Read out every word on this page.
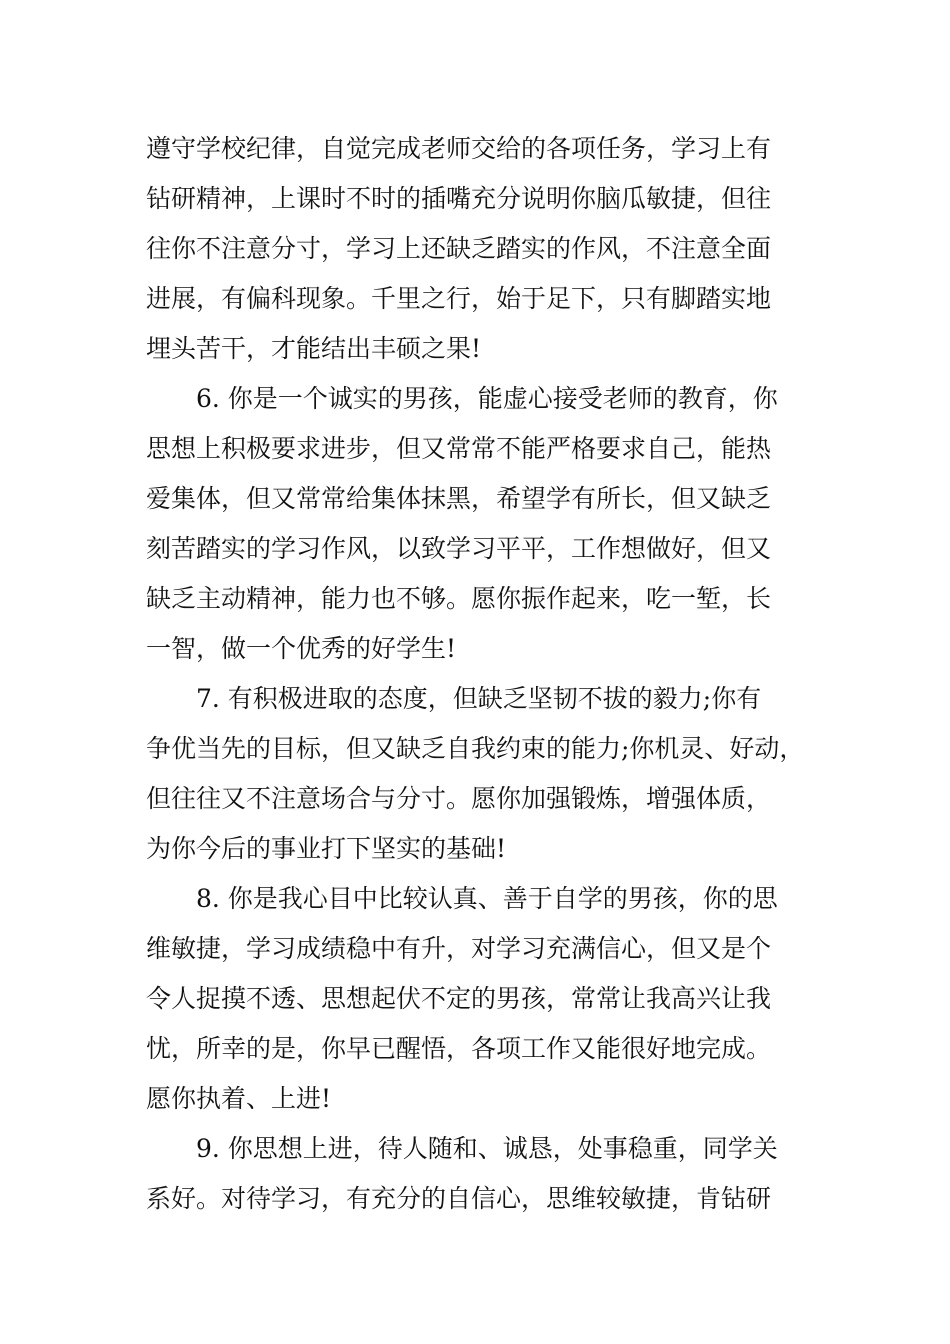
遵守学校纪律，自觉完成老师交给的各项任务，学习上有
钻研精神，上课时不时的插嘴充分说明你脑瓜敏捷，但往
往你不注意分寸，学习上还缺乏踏实的作风，不注意全面
进展，有偏科现象。千里之行，始于足下，只有脚踏实地
埋头苦干，才能结出丰硕之果!
6. 你是一个诚实的男孩，能虚心接受老师的教育，你
思想上积极要求进步，但又常常不能严格要求自己，能热
爱集体，但又常常给集体抹黑，希望学有所长，但又缺乏
刻苦踏实的学习作风，以致学习平平，工作想做好，但又
缺乏主动精神，能力也不够。愿你振作起来，吃一堑，长
一智，做一个优秀的好学生!
7. 有积极进取的态度，但缺乏坚韧不拔的毅力;你有
争优当先的目标，但又缺乏自我约束的能力;你机灵、好动，
但往往又不注意场合与分寸。愿你加强锻炼，增强体质，
为你今后的事业打下坚实的基础!
8. 你是我心目中比较认真、善于自学的男孩，你的思
维敏捷，学习成绩稳中有升，对学习充满信心，但又是个
令人捉摸不透、思想起伏不定的男孩，常常让我高兴让我
忧，所幸的是，你早已醒悟，各项工作又能很好地完成。
愿你执着、上进!
9. 你思想上进，待人随和、诚恳，处事稳重，同学关
系好。对待学习，有充分的自信心，思维较敏捷，肯钻研
